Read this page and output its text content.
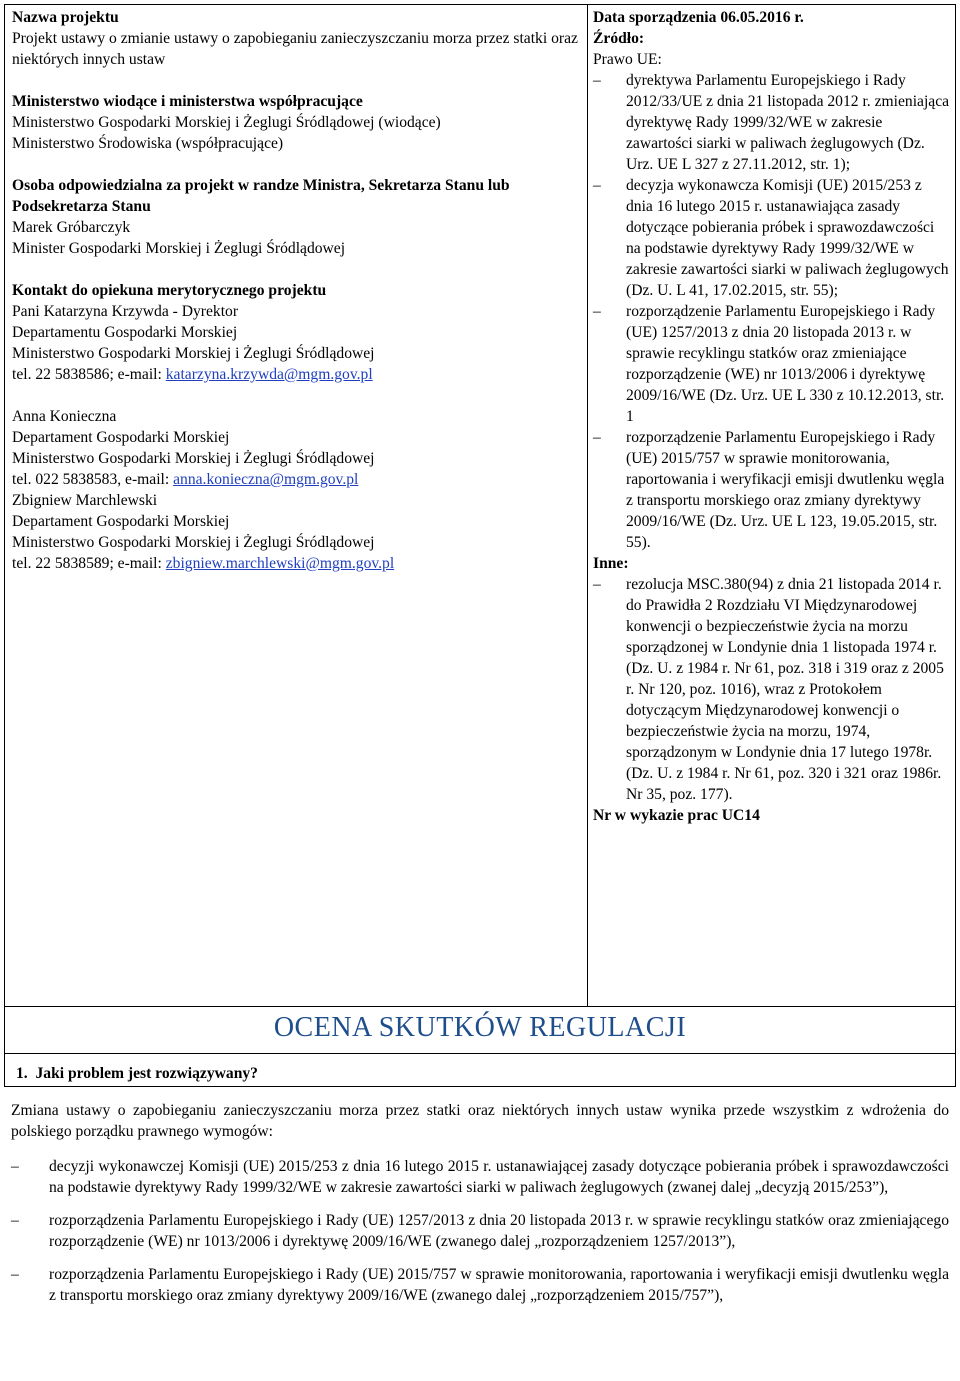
Nazwa projektu

Projekt ustawy o zmianie ustawy o zapobieganiu zanieczyszczaniu morza przez statki oraz niektórych innych ustaw

Ministerstwo wiodące i ministerstwa współpracujące

Ministerstwo Gospodarki Morskiej i Żeglugi Śródlądowej (wiodące)

Ministerstwo Środowiska (współpracujące)

Osoba odpowiedzialna za projekt w randze Ministra, Sekretarza Stanu lub Podsekretarza Stanu

Marek Gróbarczyk

Minister Gospodarki Morskiej i Żeglugi Śródlądowej

Kontakt do opiekuna merytorycznego projektu

Pani Katarzyna Krzywda - Dyrektor

Departamentu Gospodarki Morskiej

Ministerstwo Gospodarki Morskiej i Żeglugi Śródlądowej

tel. 22 5838586; e-mail: katarzyna.krzywda@mgm.gov.pl

Anna Konieczna

Departament Gospodarki Morskiej

Ministerstwo Gospodarki Morskiej i Żeglugi Śródlądowej

tel. 022 5838583, e-mail: anna.konieczna@mgm.gov.pl

Zbigniew Marchlewski

Departament Gospodarki Morskiej

Ministerstwo Gospodarki Morskiej i Żeglugi Śródlądowej

tel. 22 5838589; e-mail: zbigniew.marchlewski@mgm.gov.pl

Data sporządzenia 06.05.2016 r.

Źródło:

Prawo UE:

– dyrektywa Parlamentu Europejskiego i Rady 2012/33/UE z dnia 21 listopada 2012 r. zmieniająca dyrektywę Rady 1999/32/WE w zakresie zawartości siarki w paliwach żeglugowych (Dz. Urz. UE L 327 z 27.11.2012, str. 1);
– decyzja wykonawcza Komisji (UE) 2015/253 z dnia 16 lutego 2015 r. ustanawiająca zasady dotyczące pobierania próbek i sprawozdawczości na podstawie dyrektywy Rady 1999/32/WE w zakresie zawartości siarki w paliwach żeglugowych (Dz. U. L 41, 17.02.2015, str. 55);
– rozporządzenie Parlamentu Europejskiego i Rady (UE) 1257/2013 z dnia 20 listopada 2013 r. w sprawie recyklingu statków oraz zmieniające rozporządzenie (WE) nr 1013/2006 i dyrektywę 2009/16/WE (Dz. Urz. UE L 330 z 10.12.2013, str. 1
– rozporządzenie Parlamentu Europejskiego i Rady (UE) 2015/757 w sprawie monitorowania, raportowania i weryfikacji emisji dwutlenku węgla z transportu morskiego oraz zmiany dyrektywy 2009/16/WE (Dz. Urz. UE L 123, 19.05.2015, str. 55).

Inne:

– rezolucja MSC.380(94) z dnia 21 listopada 2014 r. do Prawidła 2 Rozdziału VI Międzynarodowej konwencji o bezpieczeństwie życia na morzu sporządzonej w Londynie dnia 1 listopada 1974 r. (Dz. U. z 1984 r. Nr 61, poz. 318 i 319 oraz z 2005 r. Nr 120, poz. 1016), wraz z Protokołem dotyczącym Międzynarodowej konwencji o bezpieczeństwie życia na morzu, 1974, sporządzonym w Londynie dnia 17 lutego 1978r. (Dz. U. z 1984 r. Nr 61, poz. 320 i 321 oraz 1986r. Nr 35, poz. 177).

Nr w wykazie prac UC14

OCENA SKUTKÓW REGULACJI
1.  Jaki problem jest rozwiązywany?

Zmiana ustawy o zapobieganiu zanieczyszczaniu morza przez statki oraz niektórych innych ustaw wynika przede wszystkim z wdrożenia do polskiego porządku prawnego wymogów:

– decyzji wykonawczej Komisji (UE) 2015/253 z dnia 16 lutego 2015 r. ustanawiającej zasady dotyczące pobierania próbek i sprawozdawczości na podstawie dyrektywy Rady 1999/32/WE w zakresie zawartości siarki w paliwach żeglugowych (zwanej dalej „decyzją 2015/253”),
– rozporządzenia Parlamentu Europejskiego i Rady (UE) 1257/2013 z dnia 20 listopada 2013 r. w sprawie recyklingu statków oraz zmieniającego rozporządzenie (WE) nr 1013/2006 i dyrektywę 2009/16/WE (zwanego dalej „rozporządzeniem 1257/2013”),
– rozporządzenia Parlamentu Europejskiego i Rady (UE) 2015/757 w sprawie monitorowania, raportowania i weryfikacji emisji dwutlenku węgla z transportu morskiego oraz zmiany dyrektywy 2009/16/WE (zwanego dalej „rozporządzeniem 2015/757”),
